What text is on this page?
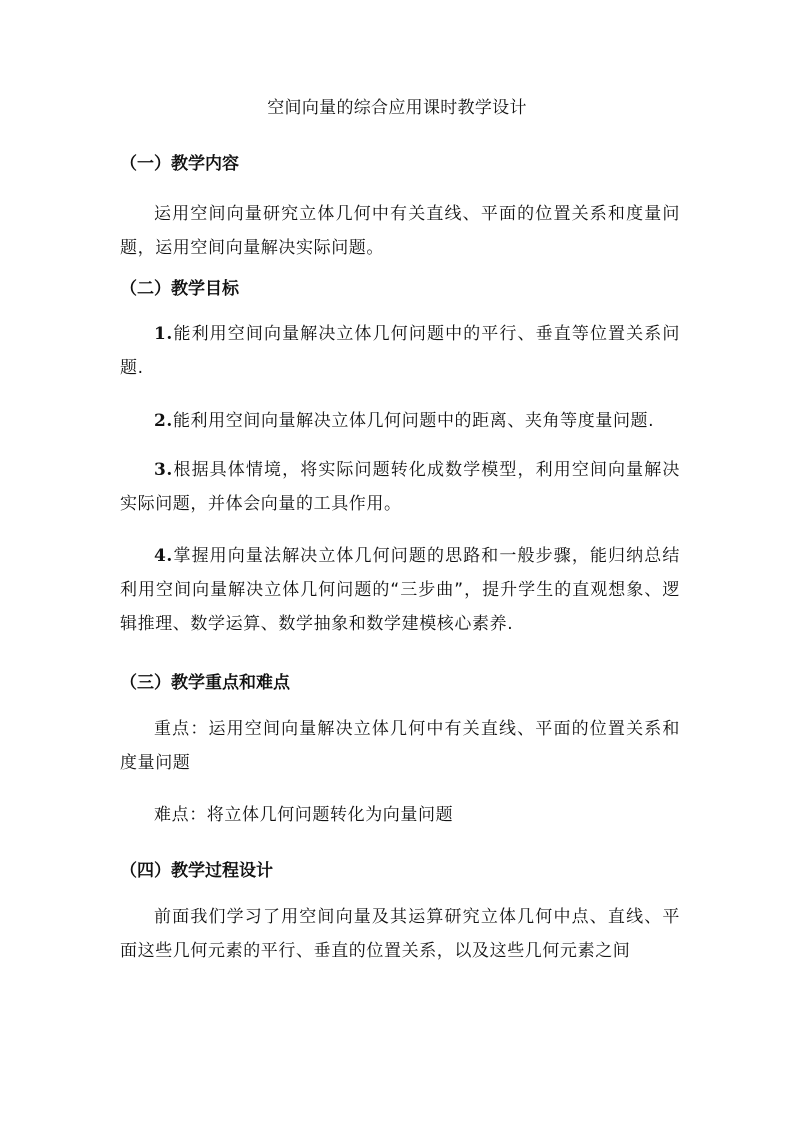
空间向量的综合应用课时教学设计
（一）教学内容
运用空间向量研究立体几何中有关直线、平面的位置关系和度量问题，运用空间向量解决实际问题。
（二）教学目标
1.能利用空间向量解决立体几何问题中的平行、垂直等位置关系问题.
2.能利用空间向量解决立体几何问题中的距离、夹角等度量问题.
3.根据具体情境，将实际问题转化成数学模型，利用空间向量解决实际问题，并体会向量的工具作用。
4.掌握用向量法解决立体几何问题的思路和一般步骤，能归纳总结利用空间向量解决立体几何问题的“三步曲”，提升学生的直观想象、逻辑推理、数学运算、数学抽象和数学建模核心素养.
（三）教学重点和难点
重点：运用空间向量解决立体几何中有关直线、平面的位置关系和度量问题
难点：将立体几何问题转化为向量问题
（四）教学过程设计
前面我们学习了用空间向量及其运算研究立体几何中点、直线、平面这些几何元素的平行、垂直的位置关系，以及这些几何元素之间
